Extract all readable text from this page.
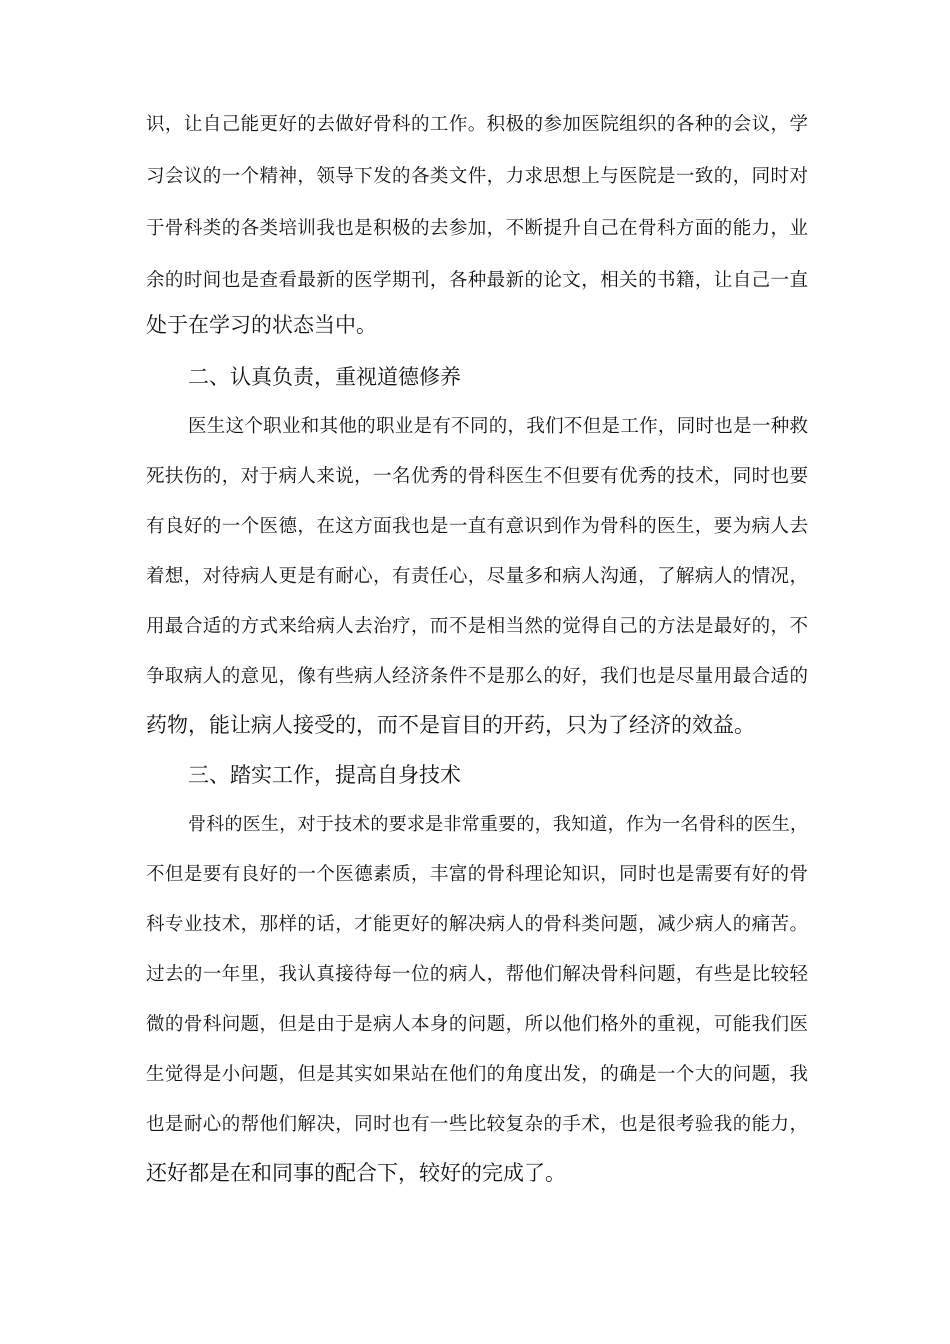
识，让自己能更好的去做好骨科的工作。积极的参加医院组织的各种的会议，学
习会议的一个精神，领导下发的各类文件，力求思想上与医院是一致的，同时对
于骨科类的各类培训我也是积极的去参加，不断提升自己在骨科方面的能力，业
余的时间也是查看最新的医学期刊，各种最新的论文，相关的书籍，让自己一直
处于在学习的状态当中。
二、认真负责，重视道德修养
医生这个职业和其他的职业是有不同的，我们不但是工作，同时也是一种救
死扶伤的，对于病人来说，一名优秀的骨科医生不但要有优秀的技术，同时也要
有良好的一个医德，在这方面我也是一直有意识到作为骨科的医生，要为病人去
着想，对待病人更是有耐心，有责任心，尽量多和病人沟通，了解病人的情况，
用最合适的方式来给病人去治疗，而不是相当然的觉得自己的方法是最好的，不
争取病人的意见，像有些病人经济条件不是那么的好，我们也是尽量用最合适的
药物，能让病人接受的，而不是盲目的开药，只为了经济的效益。
三、踏实工作，提高自身技术
骨科的医生，对于技术的要求是非常重要的，我知道，作为一名骨科的医生，
不但是要有良好的一个医德素质，丰富的骨科理论知识，同时也是需要有好的骨
科专业技术，那样的话，才能更好的解决病人的骨科类问题，减少病人的痛苦。
过去的一年里，我认真接待每一位的病人，帮他们解决骨科问题，有些是比较轻
微的骨科问题，但是由于是病人本身的问题，所以他们格外的重视，可能我们医
生觉得是小问题，但是其实如果站在他们的角度出发，的确是一个大的问题，我
也是耐心的帮他们解决，同时也有一些比较复杂的手术，也是很考验我的能力，
还好都是在和同事的配合下，较好的完成了。
